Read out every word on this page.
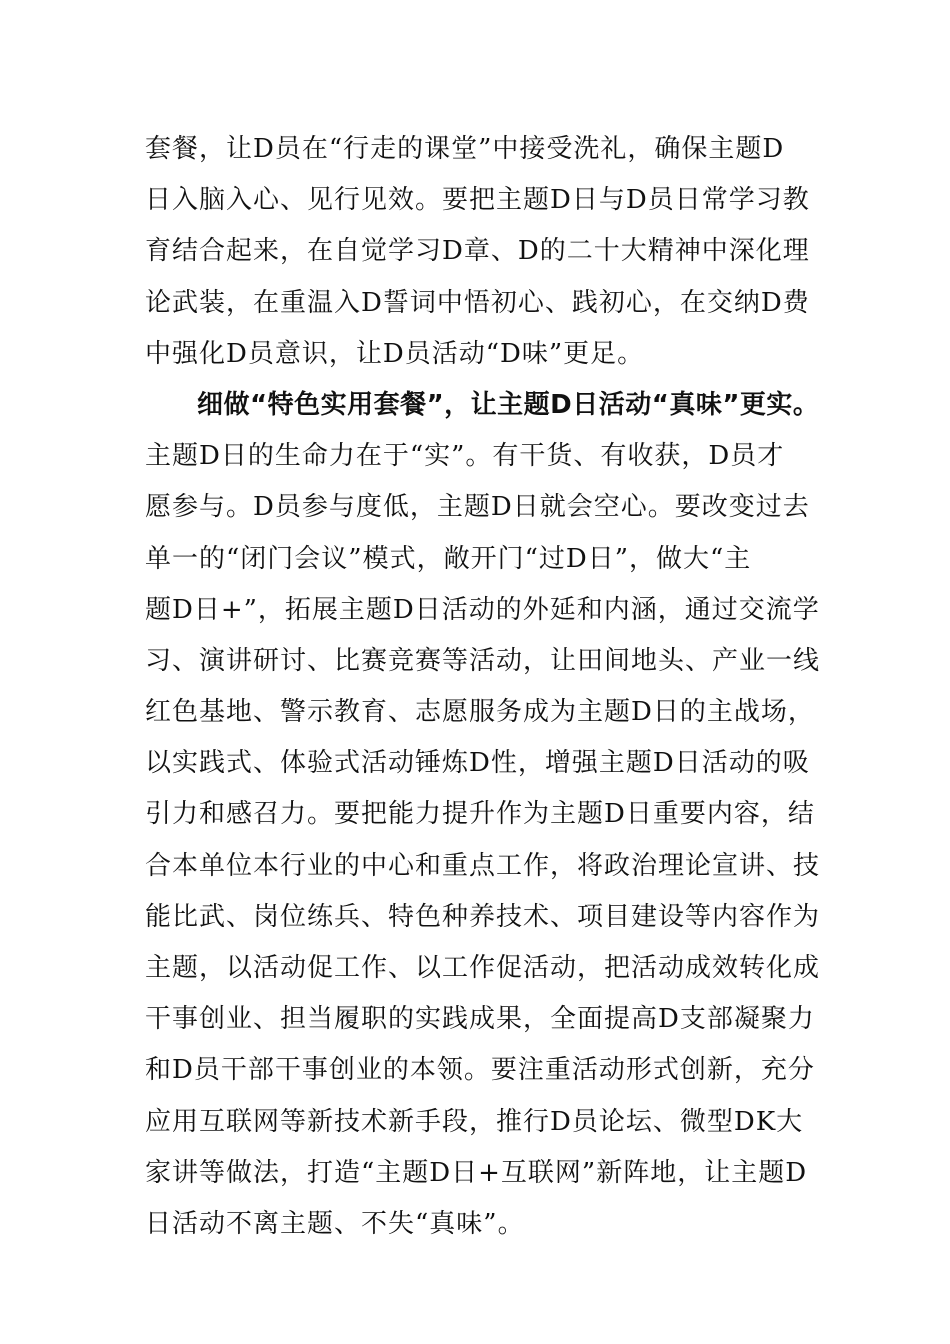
套餐，让D员在“行走的课堂”中接受洗礼，确保主题D
日入脑入心、见行见效。要把主题D日与D员日常学习教
育结合起来，在自觉学习D章、D的二十大精神中深化理
论武装，在重温入D誓词中悟初心、践初心，在交纳D费
中强化D员意识，让D员活动“D味”更足。
细做“特色实用套餐”，让主题D日活动“真味”更实。
主题D日的生命力在于“实”。有干货、有收获，D员才
愿参与。D员参与度低，主题D日就会空心。要改变过去
单一的“闭门会议”模式，敞开门“过D日”，做大“主
题D日+”，拓展主题D日活动的外延和内涵，通过交流学
习、演讲研讨、比赛竞赛等活动，让田间地头、产业一线
红色基地、警示教育、志愿服务成为主题D日的主战场，
以实践式、体验式活动锤炼D性，增强主题D日活动的吸
引力和感召力。要把能力提升作为主题D日重要内容，结
合本单位本行业的中心和重点工作，将政治理论宣讲、技
能比武、岗位练兵、特色种养技术、项目建设等内容作为
主题，以活动促工作、以工作促活动，把活动成效转化成
干事创业、担当履职的实践成果，全面提高D支部凝聚力
和D员干部干事创业的本领。要注重活动形式创新，充分
应用互联网等新技术新手段，推行D员论坛、微型DK大
家讲等做法，打造“主题D日+互联网”新阵地，让主题D
日活动不离主题、不失“真味”。
